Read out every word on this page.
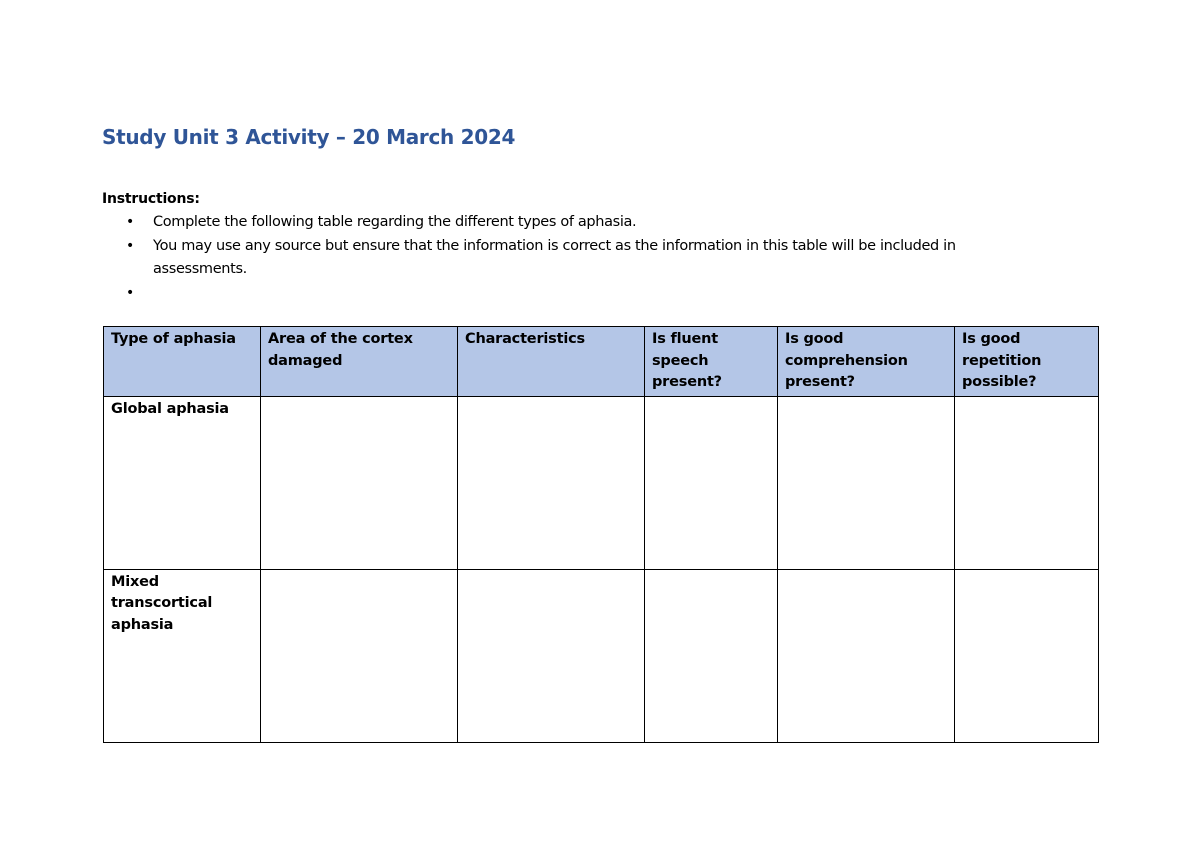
Study Unit 3 Activity – 20 March 2024
Instructions:
• Complete the following table regarding the different types of aphasia.
• You may use any source but ensure that the information is correct as the information in this table will be included in assessments.
•
Type of aphasia	Area of the cortex damaged	Characteristics	Is fluent speech present?	Is good comprehension present?	Is good repetition possible?
Global aphasia					
Mixed transcortical aphasia					
